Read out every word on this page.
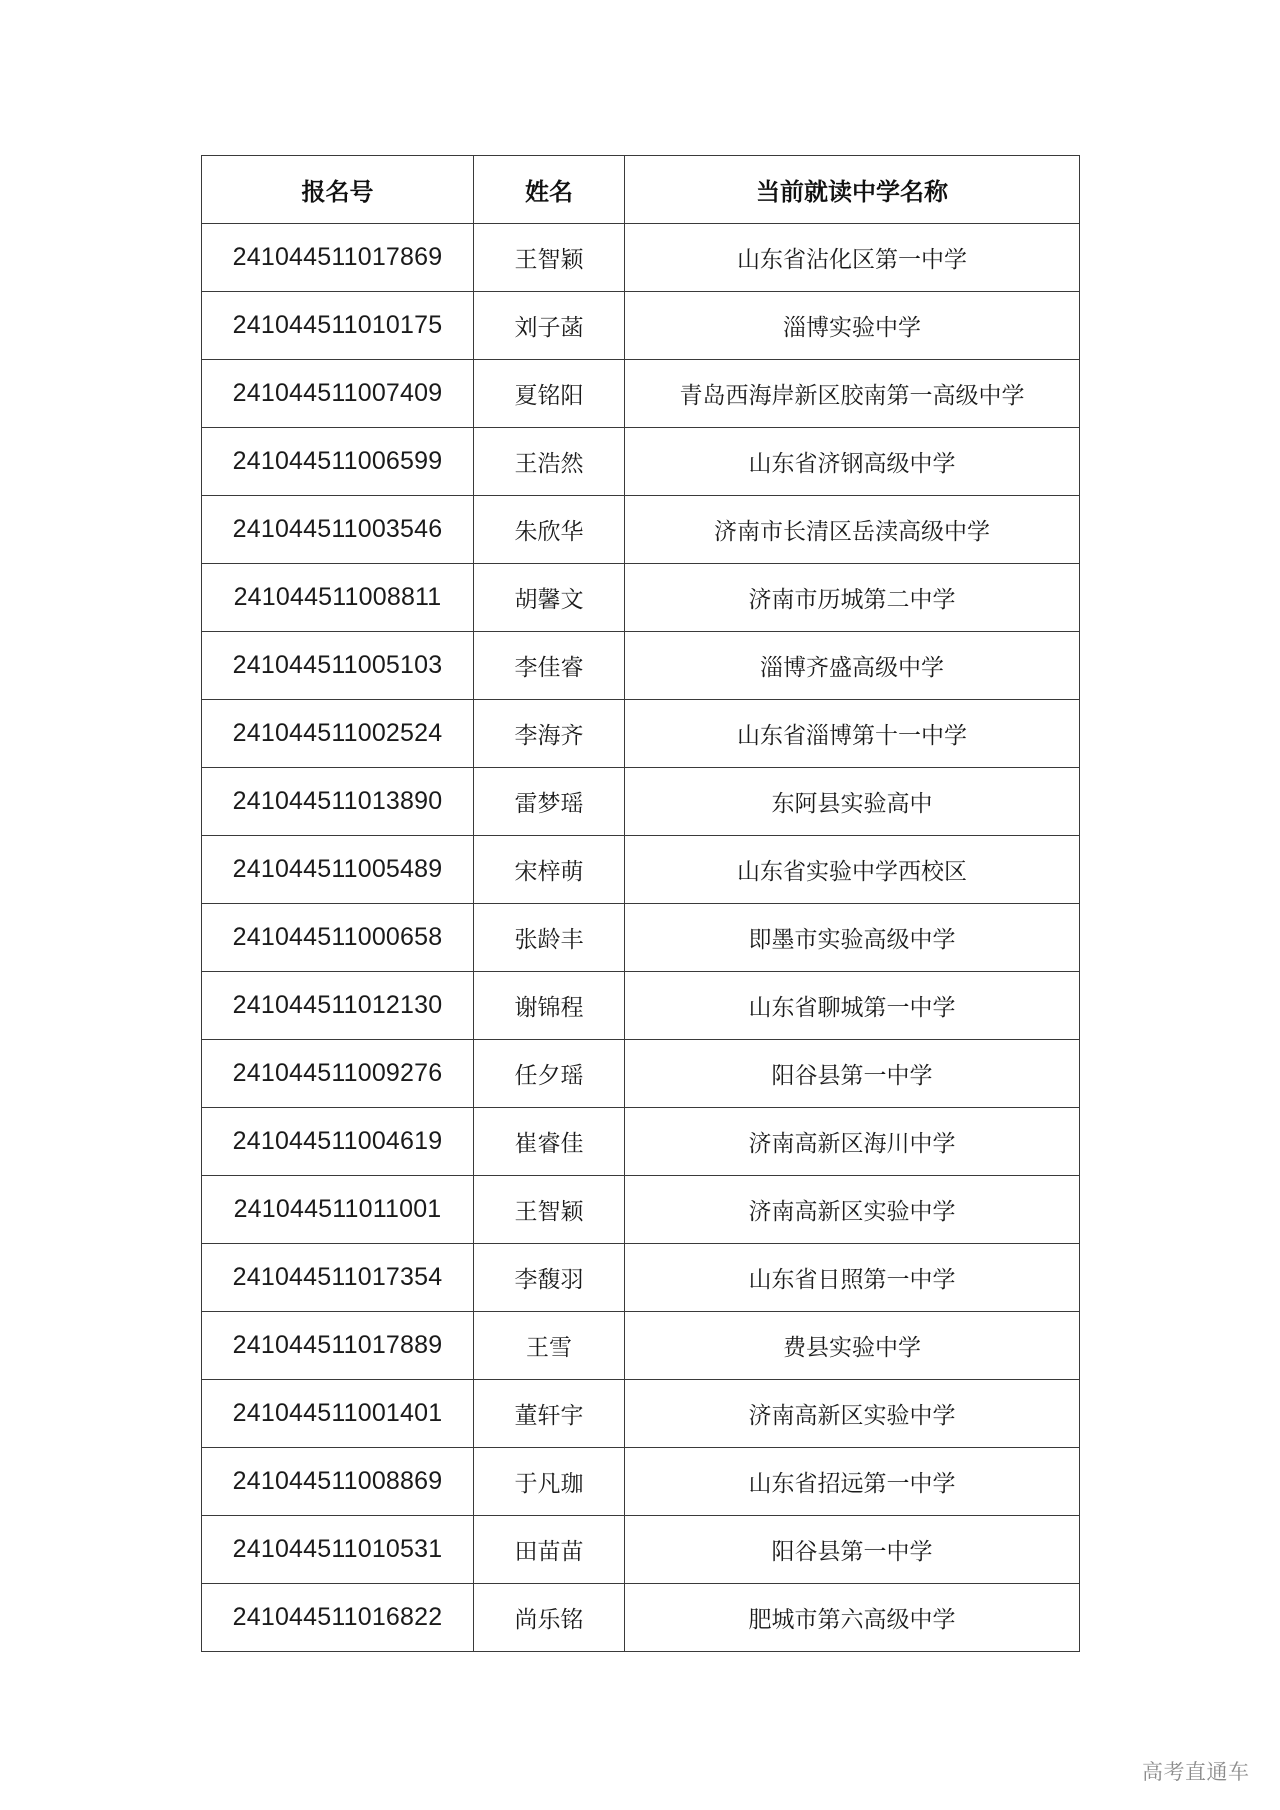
报名号	姓名	当前就读中学名称
241044511017869	王智颖	山东省沾化区第一中学
241044511010175	刘子菡	淄博实验中学
241044511007409	夏铭阳	青岛西海岸新区胶南第一高级中学
241044511006599	王浩然	山东省济钢高级中学
241044511003546	朱欣华	济南市长清区岳渎高级中学
241044511008811	胡馨文	济南市历城第二中学
241044511005103	李佳睿	淄博齐盛高级中学
241044511002524	李海齐	山东省淄博第十一中学
241044511013890	雷梦瑶	东阿县实验高中
241044511005489	宋梓萌	山东省实验中学西校区
241044511000658	张龄丰	即墨市实验高级中学
241044511012130	谢锦程	山东省聊城第一中学
241044511009276	任夕瑶	阳谷县第一中学
241044511004619	崔睿佳	济南高新区海川中学
241044511011001	王智颖	济南高新区实验中学
241044511017354	李馥羽	山东省日照第一中学
241044511017889	王雪	费县实验中学
241044511001401	董轩宇	济南高新区实验中学
241044511008869	于凡珈	山东省招远第一中学
241044511010531	田苗苗	阳谷县第一中学
241044511016822	尚乐铭	肥城市第六高级中学
高考直通车
